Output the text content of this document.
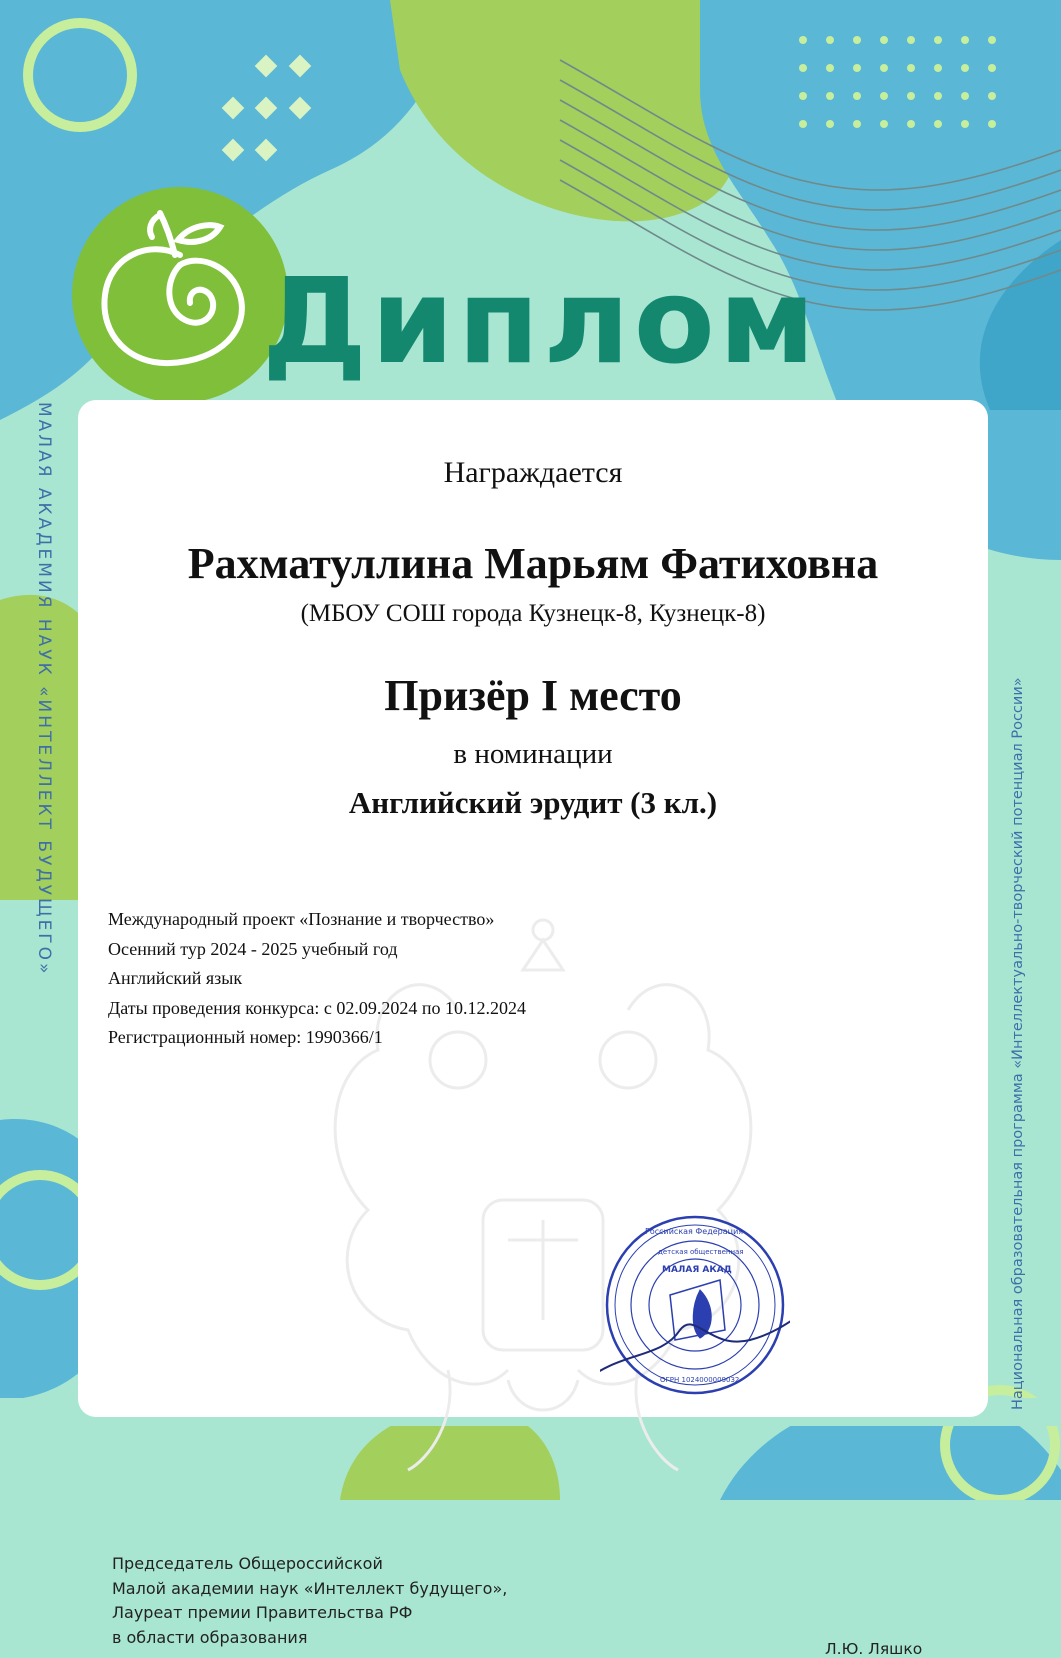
Диплом
МАЛАЯ АКАДЕМИЯ НАУК «ИНТЕЛЛЕКТ БУДУЩЕГО»	Национальная образовательная программа «Интеллектуально-творческий потенциал России»
Награждается
Рахматуллина Марьям Фатиховна
(МБОУ СОШ города Кузнецк-8, Кузнецк-8)
Призёр I место
в номинации
Английский эрудит (3 кл.)
Международный проект «Познание и творчество»
Осенний тур 2024 - 2025 учебный год
Английский язык
Даты проведения конкурса: с 02.09.2024 по 10.12.2024
Регистрационный номер: 1990366/1
Председатель Общероссийской
Малой академии наук «Интеллект будущего»,
Лауреат премии Правительства РФ
в области образования
Л.Ю. Ляшко
Российская Федерация
детская общественная
МАЛАЯ АКАД
ОГРН 1024000009032
